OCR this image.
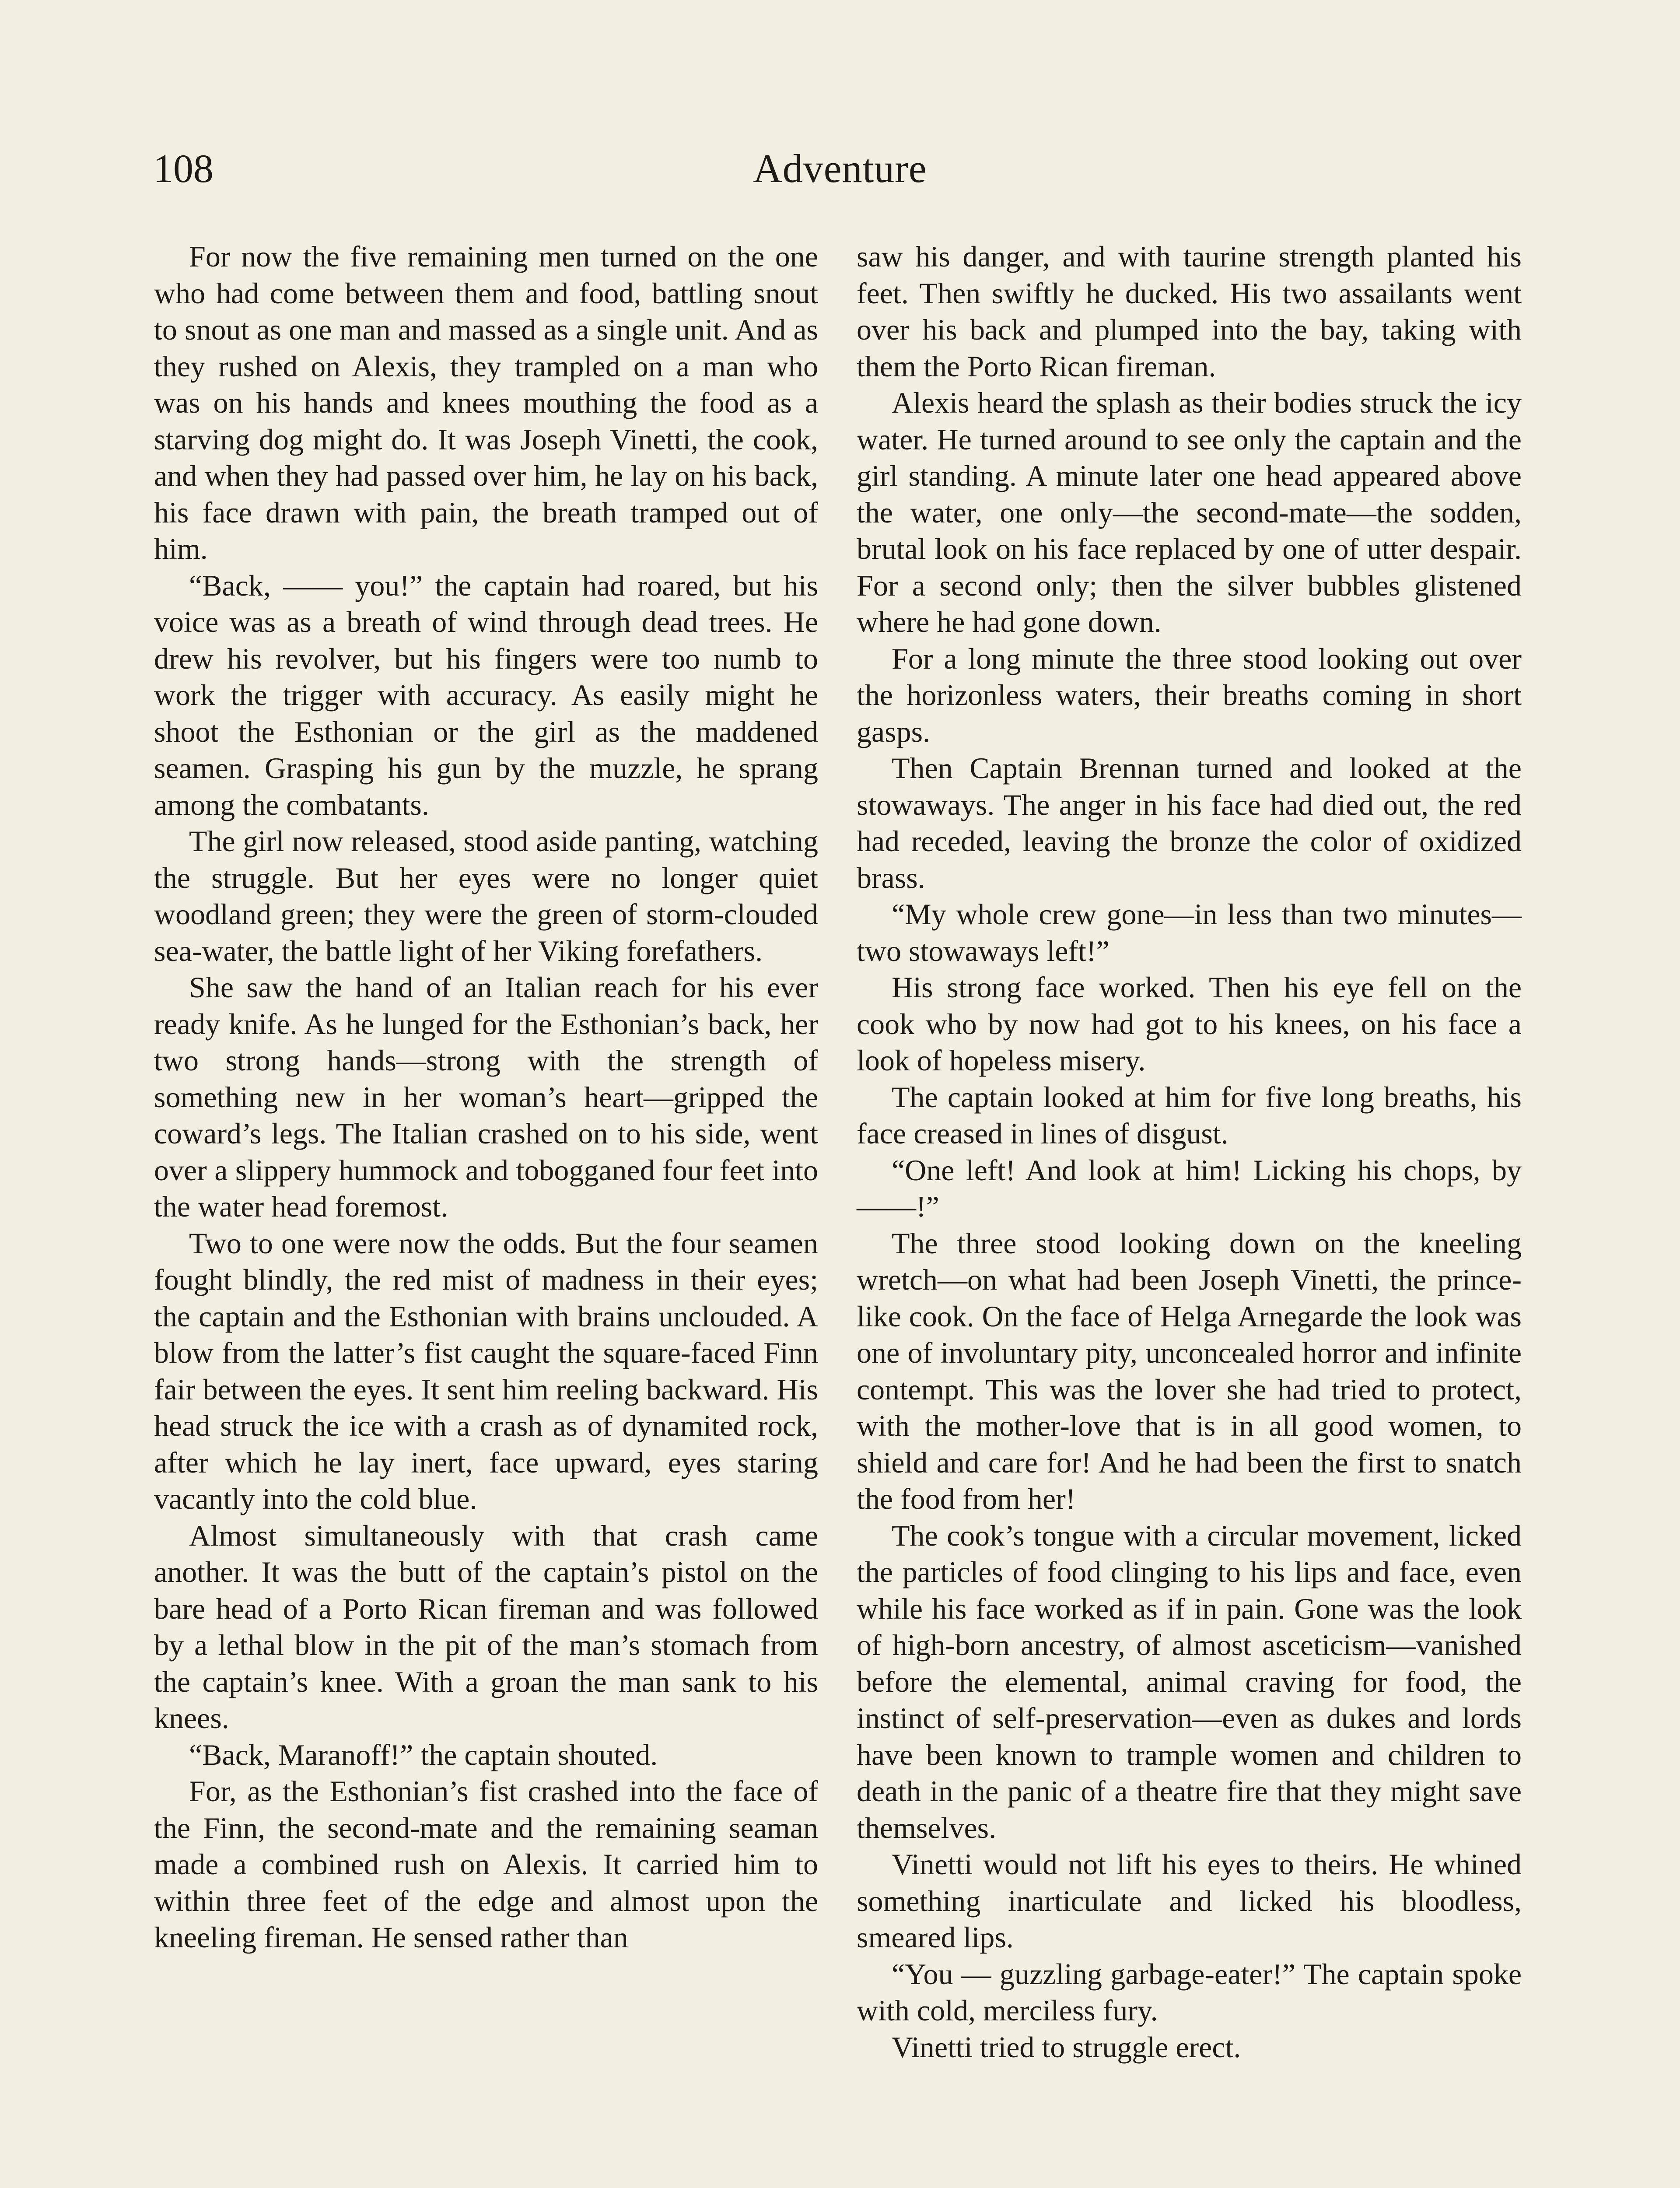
108	Adventure

For now the five remaining men turned on the one who had come between them and food, battling snout to snout as one man and massed as a single unit. And as they rushed on Alexis, they trampled on a man who was on his hands and knees mouthing the food as a starving dog might do. It was Joseph Vinetti, the cook, and when they had passed over him, he lay on his back, his face drawn with pain, the breath tramped out of him.

“Back, —— you!” the captain had roared, but his voice was as a breath of wind through dead trees. He drew his revolver, but his fingers were too numb to work the trigger with accuracy. As easily might he shoot the Esthonian or the girl as the maddened seamen. Grasping his gun by the muzzle, he sprang among the combatants.

The girl now released, stood aside panting, watching the struggle. But her eyes were no longer quiet woodland green; they were the green of storm-clouded sea-water, the battle light of her Viking forefathers.

She saw the hand of an Italian reach for his ever ready knife. As he lunged for the Esthonian’s back, her two strong hands—strong with the strength of something new in her woman’s heart—gripped the coward’s legs. The Italian crashed on to his side, went over a slippery hummock and tobogganed four feet into the water head foremost.

Two to one were now the odds. But the four seamen fought blindly, the red mist of madness in their eyes; the captain and the Esthonian with brains unclouded. A blow from the latter’s fist caught the square-faced Finn fair between the eyes. It sent him reeling backward. His head struck the ice with a crash as of dynamited rock, after which he lay inert, face upward, eyes staring vacantly into the cold blue.

Almost simultaneously with that crash came another. It was the butt of the captain’s pistol on the bare head of a Porto Rican fireman and was followed by a lethal blow in the pit of the man’s stomach from the captain’s knee. With a groan the man sank to his knees.

“Back, Maranoff!” the captain shouted.

For, as the Esthonian’s fist crashed into the face of the Finn, the second-mate and the remaining seaman made a combined rush on Alexis. It carried him to within three feet of the edge and almost upon the kneeling fireman. He sensed rather than

saw his danger, and with taurine strength planted his feet. Then swiftly he ducked. His two assailants went over his back and plumped into the bay, taking with them the Porto Rican fireman.

Alexis heard the splash as their bodies struck the icy water. He turned around to see only the captain and the girl standing. A minute later one head appeared above the water, one only—the second-mate—the sodden, brutal look on his face replaced by one of utter despair. For a second only; then the silver bubbles glistened where he had gone down.

For a long minute the three stood looking out over the horizonless waters, their breaths coming in short gasps.

Then Captain Brennan turned and looked at the stowaways. The anger in his face had died out, the red had receded, leaving the bronze the color of oxidized brass.

“My whole crew gone—in less than two minutes—two stowaways left!”

His strong face worked. Then his eye fell on the cook who by now had got to his knees, on his face a look of hopeless misery.

The captain looked at him for five long breaths, his face creased in lines of disgust.

“One left! And look at him! Licking his chops, by ——!”

The three stood looking down on the kneeling wretch—on what had been Joseph Vinetti, the prince-like cook. On the face of Helga Arnegarde the look was one of involuntary pity, unconcealed horror and infinite contempt. This was the lover she had tried to protect, with the mother-love that is in all good women, to shield and care for! And he had been the first to snatch the food from her!

The cook’s tongue with a circular movement, licked the particles of food clinging to his lips and face, even while his face worked as if in pain. Gone was the look of high-born ancestry, of almost asceticism—vanished before the elemental, animal craving for food, the instinct of self-preservation—even as dukes and lords have been known to trample women and children to death in the panic of a theatre fire that they might save themselves.

Vinetti would not lift his eyes to theirs. He whined something inarticulate and licked his bloodless, smeared lips.

“You — guzzling garbage-eater!” The captain spoke with cold, merciless fury.

Vinetti tried to struggle erect.
